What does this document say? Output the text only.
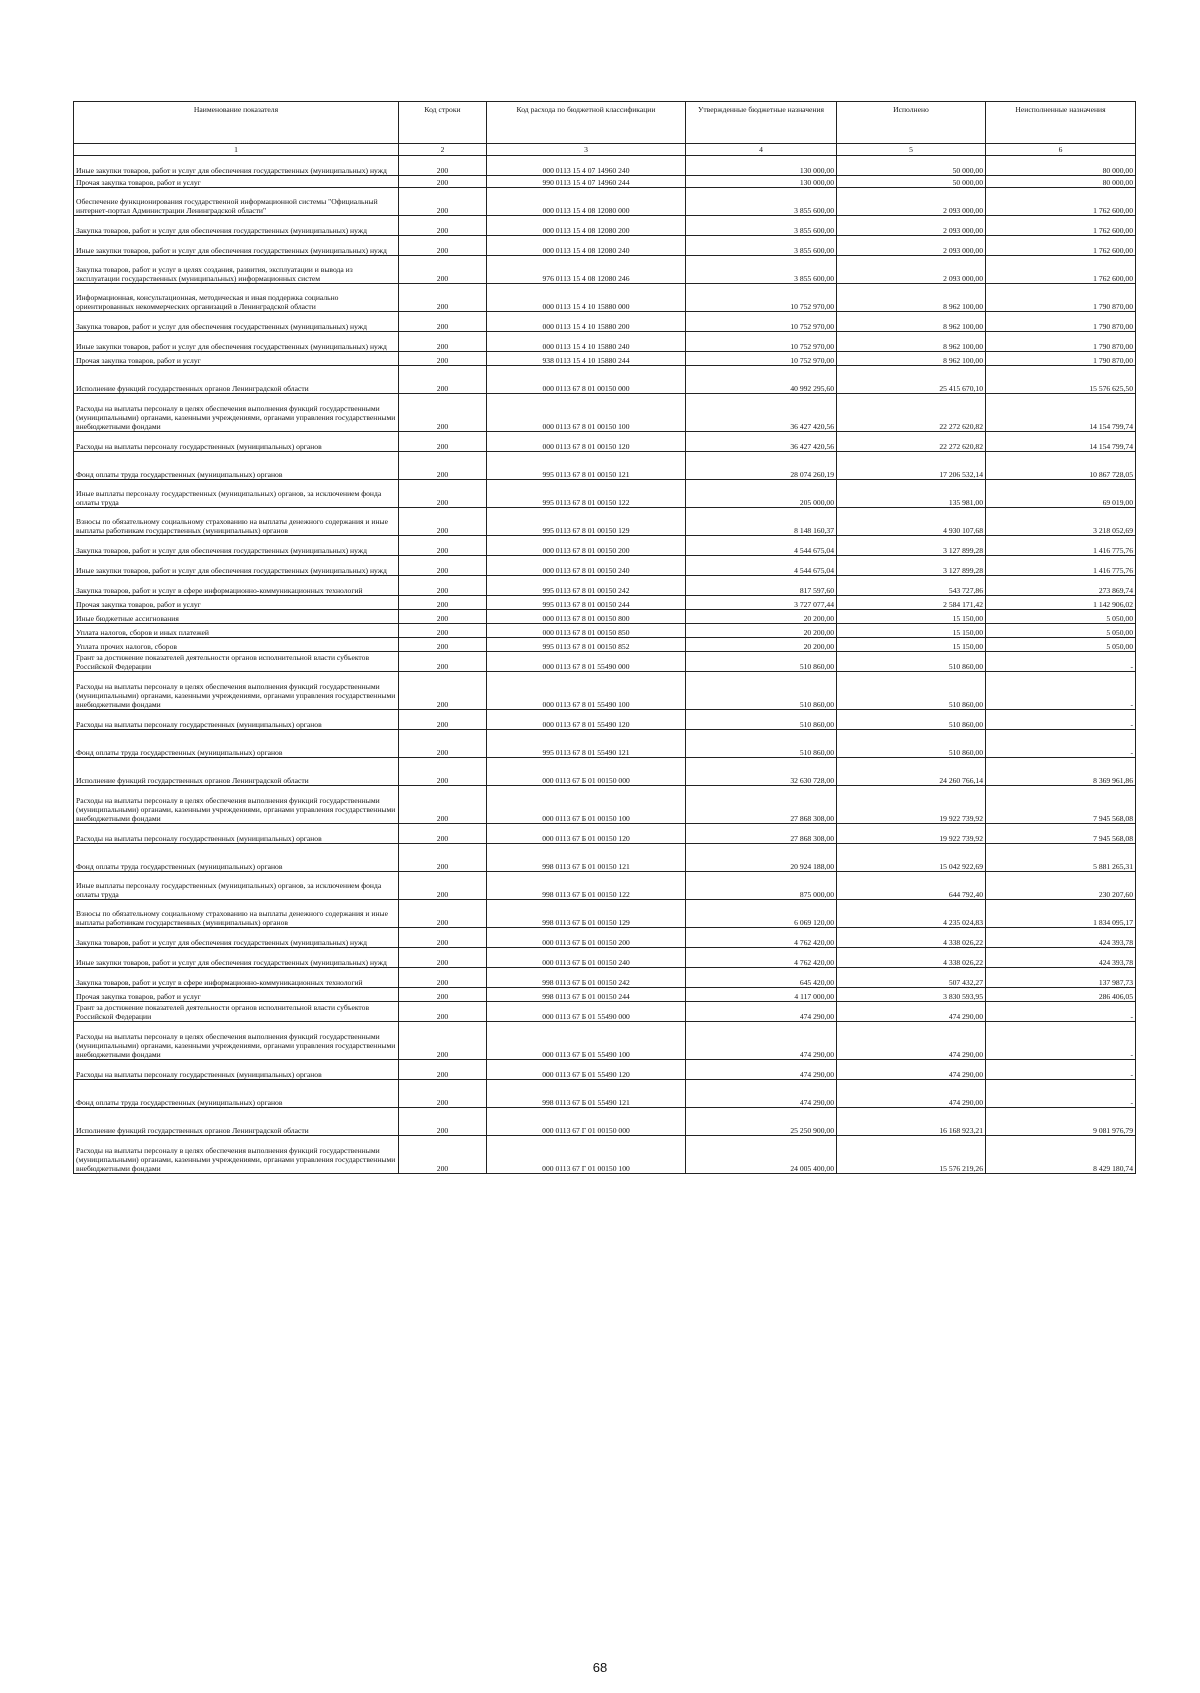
Наименование показателя	Код строки	Код расхода по бюджетной классификации	Утвержденные бюджетные назначения	Исполнено	Неисполненные назначения
1	2	3	4	5	6
Иные закупки товаров, работ и услуг для обеспечения государственных (муниципальных) нужд	200	000 0113 15 4 07 14960 240	130 000,00	50 000,00	80 000,00
Прочая закупка товаров, работ и услуг	200	990 0113 15 4 07 14960 244	130 000,00	50 000,00	80 000,00
Обеспечение функционирования государственной информационной системы "Официальный интернет-портал Администрации Ленинградской области"	200	000 0113 15 4 08 12080 000	3 855 600,00	2 093 000,00	1 762 600,00
Закупка товаров, работ и услуг для обеспечения государственных (муниципальных) нужд	200	000 0113 15 4 08 12080 200	3 855 600,00	2 093 000,00	1 762 600,00
Иные закупки товаров, работ и услуг для обеспечения государственных (муниципальных) нужд	200	000 0113 15 4 08 12080 240	3 855 600,00	2 093 000,00	1 762 600,00
Закупка товаров, работ и услуг в целях создания, развития, эксплуатации и вывода из эксплуатации государственных (муниципальных) информационных систем	200	976 0113 15 4 08 12080 246	3 855 600,00	2 093 000,00	1 762 600,00
Информационная, консультационная, методическая и иная поддержка социально ориентированных некоммерческих организаций в Ленинградской области	200	000 0113 15 4 10 15880 000	10 752 970,00	8 962 100,00	1 790 870,00
Закупка товаров, работ и услуг для обеспечения государственных (муниципальных) нужд	200	000 0113 15 4 10 15880 200	10 752 970,00	8 962 100,00	1 790 870,00
Иные закупки товаров, работ и услуг для обеспечения государственных (муниципальных) нужд	200	000 0113 15 4 10 15880 240	10 752 970,00	8 962 100,00	1 790 870,00
Прочая закупка товаров, работ и услуг	200	938 0113 15 4 10 15880 244	10 752 970,00	8 962 100,00	1 790 870,00
Исполнение функций государственных органов Ленинградской области	200	000 0113 67 8 01 00150 000	40 992 295,60	25 415 670,10	15 576 625,50
Расходы на выплаты персоналу в целях обеспечения выполнения функций государственными (муниципальными) органами, казенными учреждениями, органами управления государственными внебюджетными фондами	200	000 0113 67 8 01 00150 100	36 427 420,56	22 272 620,82	14 154 799,74
Расходы на выплаты персоналу государственных (муниципальных) органов	200	000 0113 67 8 01 00150 120	36 427 420,56	22 272 620,82	14 154 799,74
Фонд оплаты труда государственных (муниципальных) органов	200	995 0113 67 8 01 00150 121	28 074 260,19	17 206 532,14	10 867 728,05
Иные выплаты персоналу государственных (муниципальных) органов, за исключением фонда оплаты труда	200	995 0113 67 8 01 00150 122	205 000,00	135 981,00	69 019,00
Взносы по обязательному социальному страхованию на выплаты денежного содержания и иные выплаты работникам государственных (муниципальных) органов	200	995 0113 67 8 01 00150 129	8 148 160,37	4 930 107,68	3 218 052,69
Закупка товаров, работ и услуг для обеспечения государственных (муниципальных) нужд	200	000 0113 67 8 01 00150 200	4 544 675,04	3 127 899,28	1 416 775,76
Иные закупки товаров, работ и услуг для обеспечения государственных (муниципальных) нужд	200	000 0113 67 8 01 00150 240	4 544 675,04	3 127 899,28	1 416 775,76
Закупка товаров, работ и услуг в сфере информационно-коммуникационных технологий	200	995 0113 67 8 01 00150 242	817 597,60	543 727,86	273 869,74
Прочая закупка товаров, работ и услуг	200	995 0113 67 8 01 00150 244	3 727 077,44	2 584 171,42	1 142 906,02
Иные бюджетные ассигнования	200	000 0113 67 8 01 00150 800	20 200,00	15 150,00	5 050,00
Уплата налогов, сборов и иных платежей	200	000 0113 67 8 01 00150 850	20 200,00	15 150,00	5 050,00
Уплата прочих налогов, сборов	200	995 0113 67 8 01 00150 852	20 200,00	15 150,00	5 050,00
Грант за достижение показателей деятельности органов исполнительной власти субъектов Российской Федерации	200	000 0113 67 8 01 55490 000	510 860,00	510 860,00	-
Расходы на выплаты персоналу в целях обеспечения выполнения функций государственными (муниципальными) органами, казенными учреждениями, органами управления государственными внебюджетными фондами	200	000 0113 67 8 01 55490 100	510 860,00	510 860,00	-
Расходы на выплаты персоналу государственных (муниципальных) органов	200	000 0113 67 8 01 55490 120	510 860,00	510 860,00	-
Фонд оплаты труда государственных (муниципальных) органов	200	995 0113 67 8 01 55490 121	510 860,00	510 860,00	-
Исполнение функций государственных органов Ленинградской области	200	000 0113 67 Б 01 00150 000	32 630 728,00	24 260 766,14	8 369 961,86
Расходы на выплаты персоналу в целях обеспечения выполнения функций государственными (муниципальными) органами, казенными учреждениями, органами управления государственными внебюджетными фондами	200	000 0113 67 Б 01 00150 100	27 868 308,00	19 922 739,92	7 945 568,08
Расходы на выплаты персоналу государственных (муниципальных) органов	200	000 0113 67 Б 01 00150 120	27 868 308,00	19 922 739,92	7 945 568,08
Фонд оплаты труда государственных (муниципальных) органов	200	998 0113 67 Б 01 00150 121	20 924 188,00	15 042 922,69	5 881 265,31
Иные выплаты персоналу государственных (муниципальных) органов, за исключением фонда оплаты труда	200	998 0113 67 Б 01 00150 122	875 000,00	644 792,40	230 207,60
Взносы по обязательному социальному страхованию на выплаты денежного содержания и иные выплаты работникам государственных (муниципальных) органов	200	998 0113 67 Б 01 00150 129	6 069 120,00	4 235 024,83	1 834 095,17
Закупка товаров, работ и услуг для обеспечения государственных (муниципальных) нужд	200	000 0113 67 Б 01 00150 200	4 762 420,00	4 338 026,22	424 393,78
Иные закупки товаров, работ и услуг для обеспечения государственных (муниципальных) нужд	200	000 0113 67 Б 01 00150 240	4 762 420,00	4 338 026,22	424 393,78
Закупка товаров, работ и услуг в сфере информационно-коммуникационных технологий	200	998 0113 67 Б 01 00150 242	645 420,00	507 432,27	137 987,73
Прочая закупка товаров, работ и услуг	200	998 0113 67 Б 01 00150 244	4 117 000,00	3 830 593,95	286 406,05
Грант за достижение показателей деятельности органов исполнительной власти субъектов Российской Федерации	200	000 0113 67 Б 01 55490 000	474 290,00	474 290,00	-
Расходы на выплаты персоналу в целях обеспечения выполнения функций государственными (муниципальными) органами, казенными учреждениями, органами управления государственными внебюджетными фондами	200	000 0113 67 Б 01 55490 100	474 290,00	474 290,00	-
Расходы на выплаты персоналу государственных (муниципальных) органов	200	000 0113 67 Б 01 55490 120	474 290,00	474 290,00	-
Фонд оплаты труда государственных (муниципальных) органов	200	998 0113 67 Б 01 55490 121	474 290,00	474 290,00	-
Исполнение функций государственных органов Ленинградской области	200	000 0113 67 Г 01 00150 000	25 250 900,00	16 168 923,21	9 081 976,79
Расходы на выплаты персоналу в целях обеспечения выполнения функций государственными (муниципальными) органами, казенными учреждениями, органами управления государственными внебюджетными фондами	200	000 0113 67 Г 01 00150 100	24 005 400,00	15 576 219,26	8 429 180,74
68
